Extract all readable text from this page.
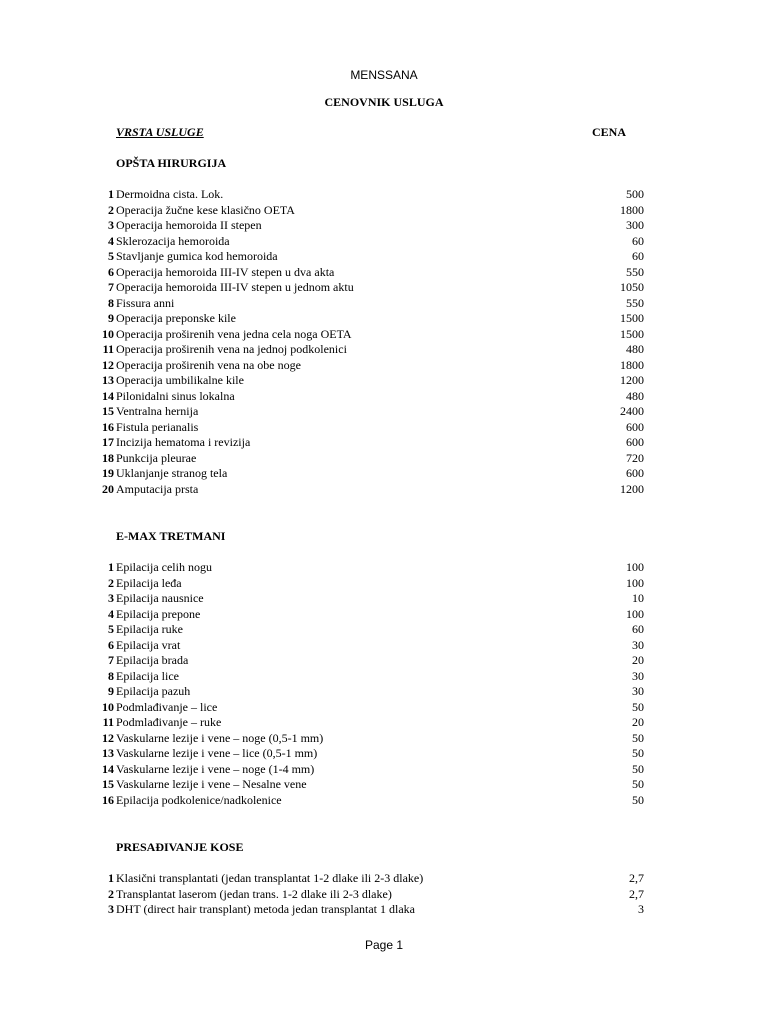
MENSSANA
CENOVNIK USLUGA
VRSTA USLUGE	CENA
OPŠTA HIRURGIJA
1 Dermoidna cista. Lok.	500
2 Operacija žučne kese klasično OETA	1800
3 Operacija hemoroida II stepen	300
4 Sklerozacija hemoroida	60
5 Stavljanje gumica kod hemoroida	60
6 Operacija hemoroida III-IV stepen u dva akta	550
7 Operacija hemoroida III-IV stepen u jednom aktu	1050
8 Fissura anni	550
9 Operacija preponske kile	1500
10 Operacija proširenih vena jedna cela noga OETA	1500
11 Operacija proširenih vena na jednoj podkolenici	480
12 Operacija proširenih vena na obe noge	1800
13 Operacija umbilikalne kile	1200
14 Pilonidalni sinus lokalna	480
15 Ventralna hernija	2400
16 Fistula perianalis	600
17 Incizija hematoma i revizija	600
18 Punkcija pleurae	720
19 Uklanjanje stranog tela	600
20 Amputacija prsta	1200
E-MAX TRETMANI
1 Epilacija celih nogu	100
2 Epilacija leđa	100
3 Epilacija nausnice	10
4 Epilacija prepone	100
5 Epilacija ruke	60
6 Epilacija vrat	30
7 Epilacija brada	20
8 Epilacija lice	30
9 Epilacija pazuh	30
10 Podmlađivanje – lice	50
11 Podmlađivanje – ruke	20
12 Vaskularne lezije i vene – noge (0,5-1 mm)	50
13 Vaskularne lezije i vene – lice (0,5-1 mm)	50
14 Vaskularne lezije i vene – noge (1-4 mm)	50
15 Vaskularne lezije i vene – Nesalne vene	50
16 Epilacija podkolenice/nadkolenice	50
PRESAĐIVANJE KOSE
1 Klasični transplantati (jedan transplantat 1-2 dlake ili 2-3 dlake)	2,7
2 Transplantat laserom (jedan trans. 1-2 dlake ili 2-3 dlake)	2,7
3 DHT (direct hair transplant) metoda jedan transplantat 1 dlaka	3
Page 1
